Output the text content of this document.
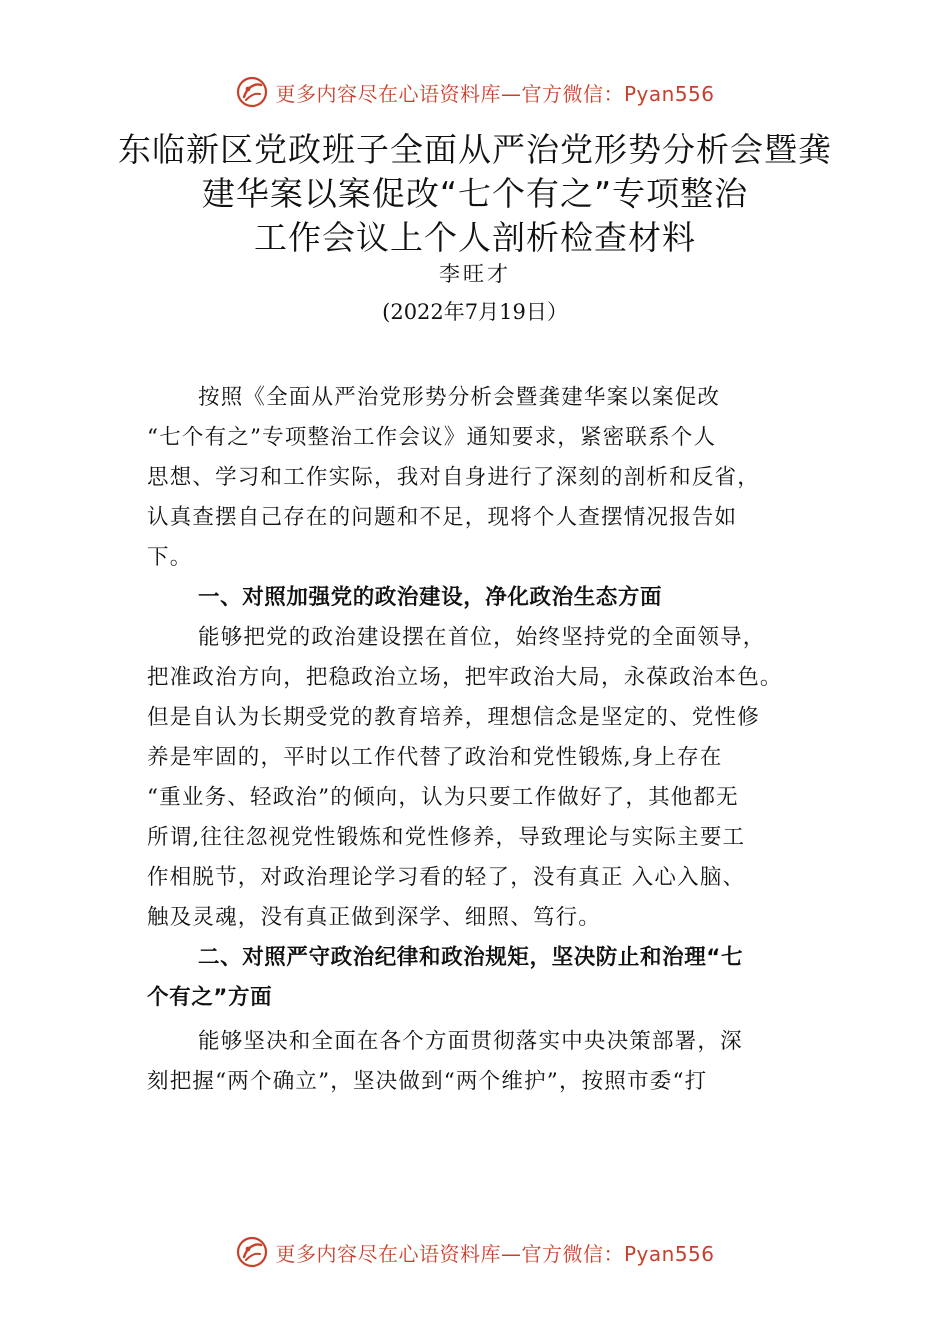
更多内容尽在心语资料库—官方微信：Pyan556
东临新区党政班子全面从严治党形势分析会暨龚
建华案以案促改“七个有之”专项整治
工作会议上个人剖析检查材料
李旺才
(2022年7月19日）
按照《全面从严治党形势分析会暨龚建华案以案促改
“七个有之”专项整治工作会议》通知要求，紧密联系个人
思想、学习和工作实际，我对自身进行了深刻的剖析和反省，
认真查摆自己存在的问题和不足，现将个人查摆情况报告如
下。
一、对照加强党的政治建设，净化政治生态方面
能够把党的政治建设摆在首位，始终坚持党的全面领导，
把准政治方向，把稳政治立场，把牢政治大局，永葆政治本色。
但是自认为长期受党的教育培养，理想信念是坚定的、党性修
养是牢固的，平时以工作代替了政治和党性锻炼,身上存在
“重业务、轻政治”的倾向，认为只要工作做好了，其他都无
所谓,往往忽视党性锻炼和党性修养，导致理论与实际主要工
作相脱节，对政治理论学习看的轻了，没有真正 入心入脑、
触及灵魂，没有真正做到深学、细照、笃行。
二、对照严守政治纪律和政治规矩，坚决防止和治理“七
个有之”方面
能够坚决和全面在各个方面贯彻落实中央决策部署，深
刻把握“两个确立”，坚决做到“两个维护”，按照市委“打
更多内容尽在心语资料库—官方微信：Pyan556
